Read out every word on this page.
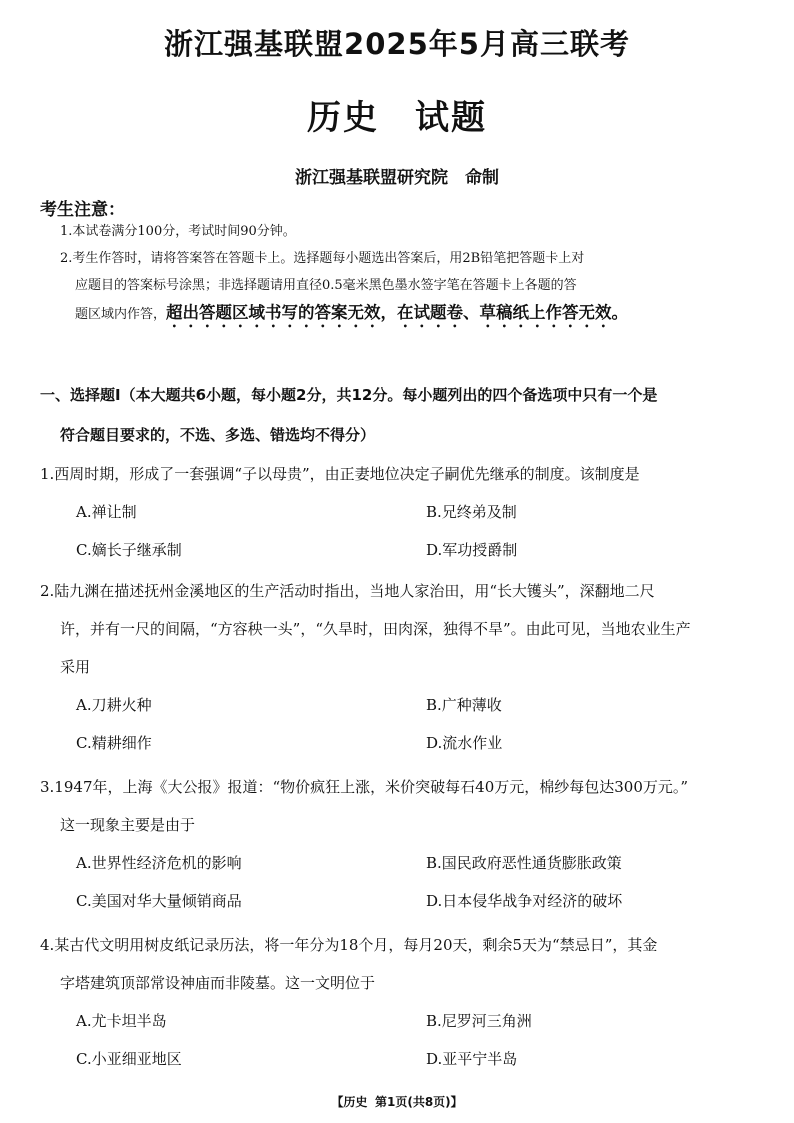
浙江强基联盟2025年5月高三联考
历史　试题
浙江强基联盟研究院　命制
考生注意：
1.本试卷满分100分，考试时间90分钟。
2.考生作答时，请将答案答在答题卡上。选择题每小题选出答案后，用2B铅笔把答题卡上对
应题目的答案标号涂黑；非选择题请用直径0.5毫米黑色墨水签字笔在答题卡上各题的答
题区域内作答，超出答题区域书写的答案无效，在试题卷、草稿纸上作答无效。
一、选择题Ⅰ（本大题共6小题，每小题2分，共12分。每小题列出的四个备选项中只有一个是
符合题目要求的，不选、多选、错选均不得分）
1.西周时期，形成了一套强调“子以母贵”，由正妻地位决定子嗣优先继承的制度。该制度是
A.禅让制	B.兄终弟及制
C.嫡长子继承制	D.军功授爵制
2.陆九渊在描述抚州金溪地区的生产活动时指出，当地人家治田，用“长大镬头”，深翻地二尺
许，并有一尺的间隔，“方容秧一头”，“久旱时，田肉深，独得不旱”。由此可见，当地农业生产
采用
A.刀耕火种	B.广种薄收
C.精耕细作	D.流水作业
3.1947年，上海《大公报》报道：“物价疯狂上涨，米价突破每石40万元，棉纱每包达300万元。”
这一现象主要是由于
A.世界性经济危机的影响	B.国民政府恶性通货膨胀政策
C.美国对华大量倾销商品	D.日本侵华战争对经济的破坏
4.某古代文明用树皮纸记录历法，将一年分为18个月，每月20天，剩余5天为“禁忌日”，其金
字塔建筑顶部常设神庙而非陵墓。这一文明位于
A.尤卡坦半岛	B.尼罗河三角洲
C.小亚细亚地区	D.亚平宁半岛
【历史 第1页(共8页)】
